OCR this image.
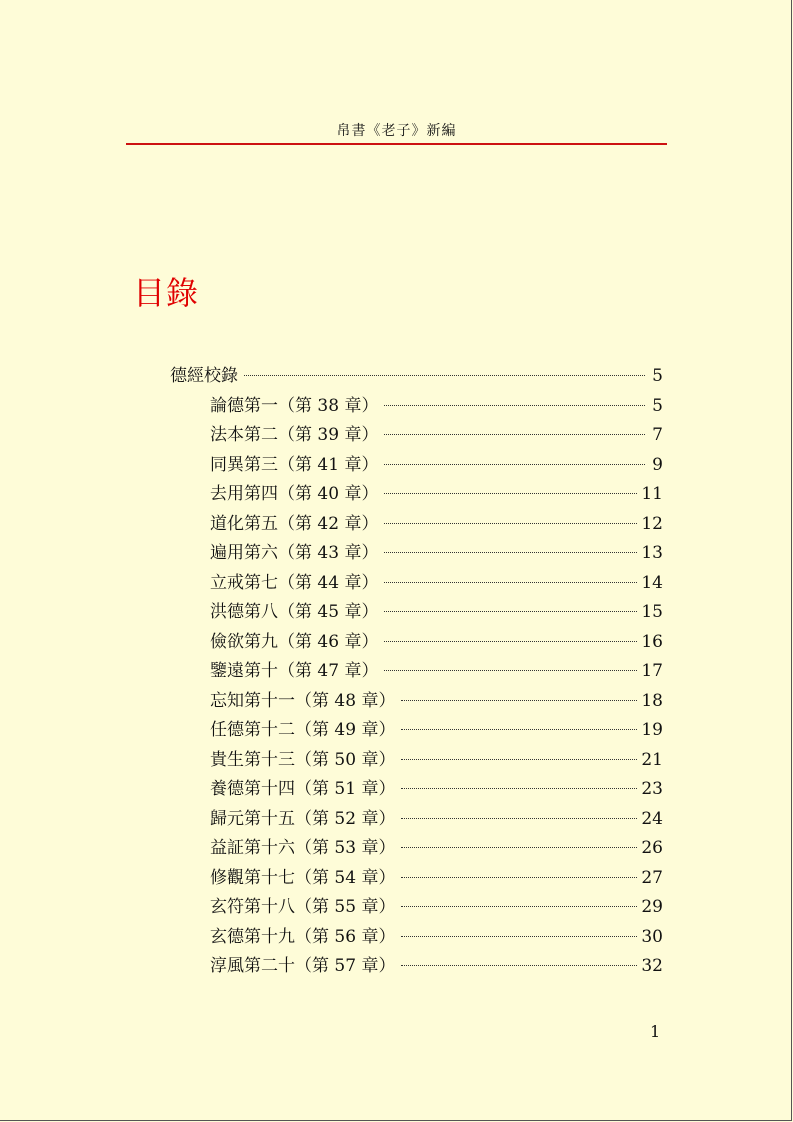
帛書《老子》新編
目錄
德經校錄	5
論德第一（第 38 章）	5
法本第二（第 39 章）	7
同異第三（第 41 章）	9
去用第四（第 40 章）	11
道化第五（第 42 章）	12
遍用第六（第 43 章）	13
立戒第七（第 44 章）	14
洪德第八（第 45 章）	15
儉欲第九（第 46 章）	16
鑒遠第十（第 47 章）	17
忘知第十一（第 48 章）	18
任德第十二（第 49 章）	19
貴生第十三（第 50 章）	21
養德第十四（第 51 章）	23
歸元第十五（第 52 章）	24
益証第十六（第 53 章）	26
修觀第十七（第 54 章）	27
玄符第十八（第 55 章）	29
玄德第十九（第 56 章）	30
淳風第二十（第 57 章）	32
1
